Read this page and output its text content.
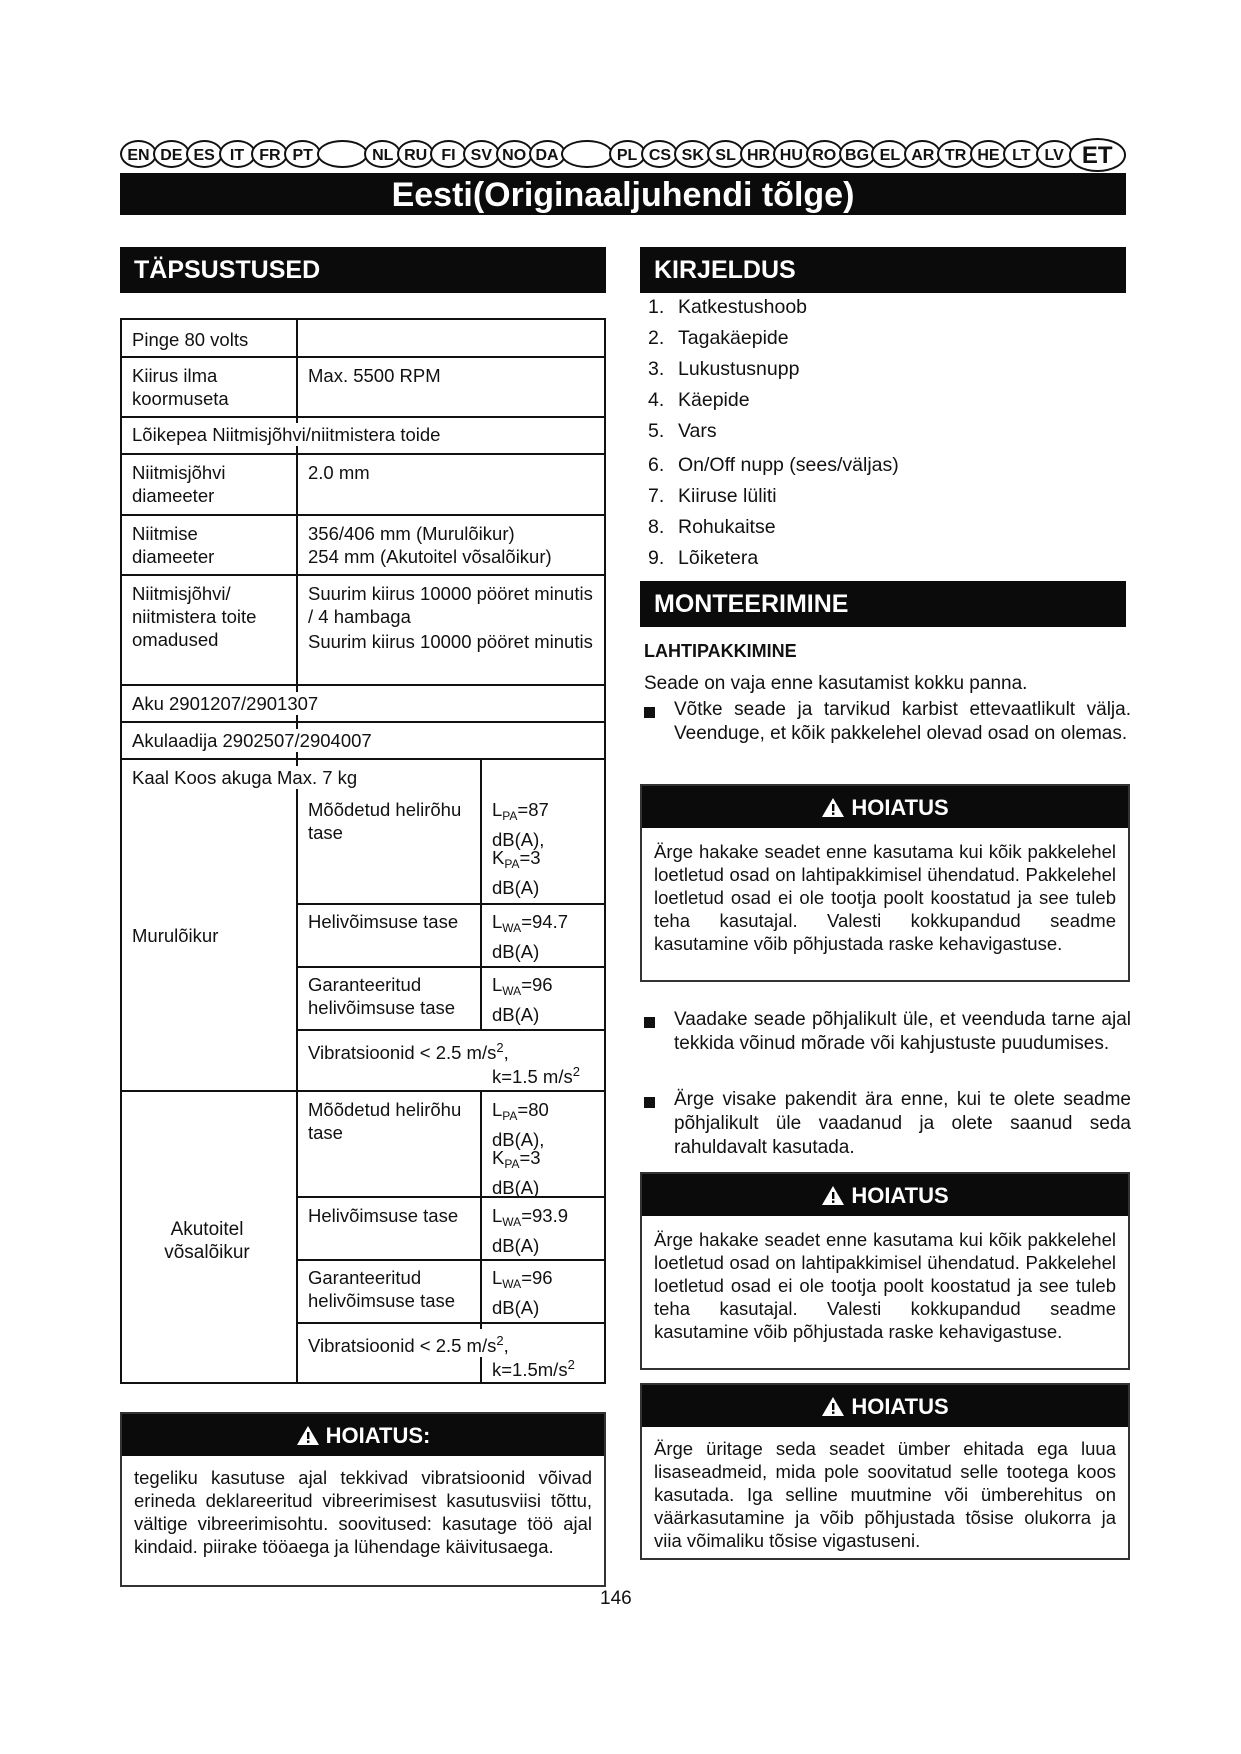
EN DE ES IT FR PT	NL RU FI SV NO DA	PL CS SK SL HR HU RO BG EL AR TR HE LT LV ET
Eesti(Originaaljuhendi tõlge)
TÄPSUSTUSED
Pinge 80 volts
Kiirus ilma koormuseta
Max. 5500 RPM
Lõikepea Niitmisjõhvi/niitmistera toide
Niitmisjõhvi diameeter
2.0 mm
Niitmise diameeter
356/406 mm (Murulõikur)
254 mm (Akutoitel võsalõikur)
Niitmisjõhvi/ niitmistera toite omadused
Suurim kiirus 10000 pööret minutis / 4 hambaga
Suurim kiirus 10000 pööret minutis
Aku 2901207/2901307
Akulaadija 2902507/2904007
Kaal Koos akuga Max. 7 kg
Murulõikur
Mõõdetud helirõhu tase
$L_{PA}=87$ dB(A),
$K_{PA}=3$ dB(A)
Helivõimsuse tase $L_{WA}=94.7$ dB(A)
Garanteeritud helivõimsuse tase
$L_{WA}=96$ dB(A)
Vibratsioonid < 2.5 $m/s^2$,
k=1.5 $m/s^2$
Akutoitel võsalõikur
Mõõdetud helirõhu tase
$L_{PA}=80$ dB(A),
$K_{PA}=3$ dB(A)
Helivõimsuse tase $L_{WA}=93.9$ dB(A)
Garanteeritud helivõimsuse tase
$L_{WA}=96$ dB(A)
Vibratsioonid < 2.5 $m/s^2$,
$k=1.5m/s^2$
HOIATUS:
tegeliku kasutuse ajal tekkivad vibratsioonid võivad erineda deklareeritud vibreerimisest kasutusviisi tõttu, vältige vibreerimisohtu. soovitused: kasutage töö ajal kindaid. piirake tööaega ja lühendage käivitusaega.
KIRJELDUS
1. Katkestushoob
2. Tagakäepide
3. Lukustusnupp
4. Käepide
5. Vars
6. On/Off nupp (sees/väljas)
7. Kiiruse lüliti
8. Rohukaitse
9. Lõiketera
MONTEERIMINE
LAHTIPAKKIMINE
Seade on vaja enne kasutamist kokku panna.
Võtke seade ja tarvikud karbist ettevaatlikult välja. Veenduge, et kõik pakkelehel olevad osad on olemas.
HOIATUS
Ärge hakake seadet enne kasutama kui kõik pakkelehel loetletud osad on lahtipakkimisel ühendatud. Pakkelehel loetletud osad ei ole tootja poolt koostatud ja see tuleb teha kasutajal. Valesti kokkupandud seadme kasutamine võib põhjustada raske kehavigastuse.
Vaadake seade põhjalikult üle, et veenduda tarne ajal tekkida võinud mõrade või kahjustuste puudumises.
Ärge visake pakendit ära enne, kui te olete seadme põhjalikult üle vaadanud ja olete saanud seda rahuldavalt kasutada.
HOIATUS
Ärge hakake seadet enne kasutama kui kõik pakkelehel loetletud osad on lahtipakkimisel ühendatud. Pakkelehel loetletud osad ei ole tootja poolt koostatud ja see tuleb teha kasutajal. Valesti kokkupandud seadme kasutamine võib põhjustada raske kehavigastuse.
HOIATUS
Ärge üritage seda seadet ümber ehitada ega luua lisaseadmeid, mida pole soovitatud selle tootega koos kasutada. Iga selline muutmine või ümberehitus on väärkasutamine ja võib põhjustada tõsise olukorra ja viia võimaliku tõsise vigastuseni.
146
